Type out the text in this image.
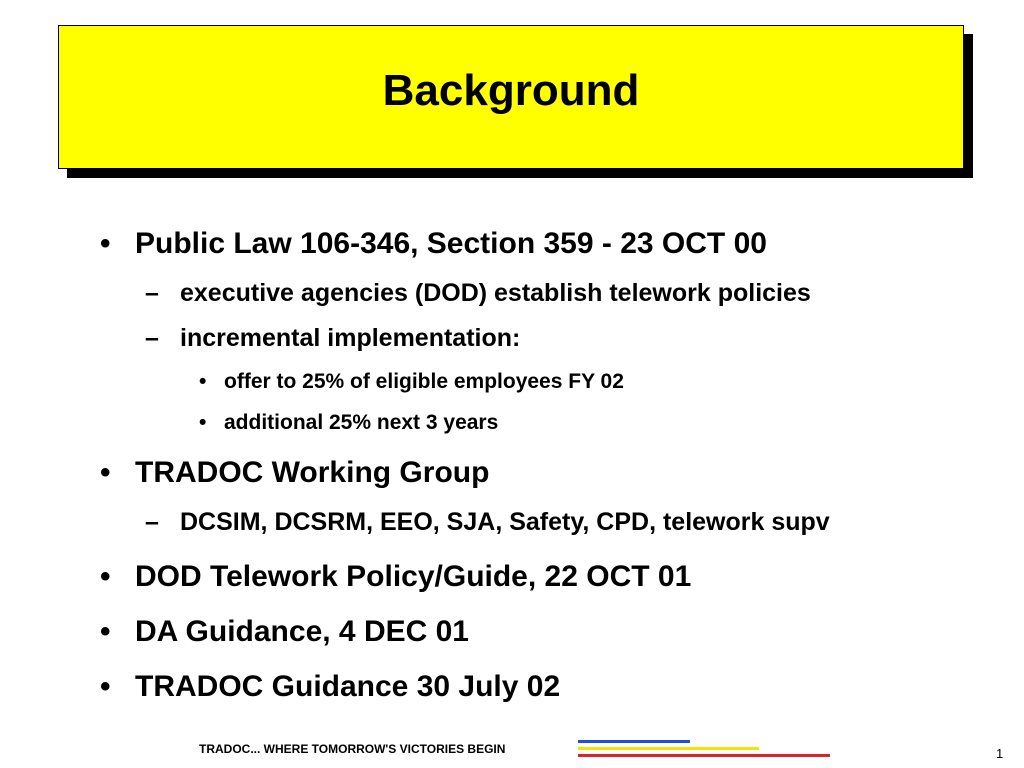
Background
• Public Law 106-346, Section 359 - 23 OCT 00
– executive agencies (DOD) establish telework policies
– incremental implementation:
• offer to 25% of eligible employees FY 02
• additional 25% next 3 years
• TRADOC Working Group
– DCSIM, DCSRM, EEO, SJA, Safety, CPD, telework supv
• DOD Telework Policy/Guide, 22 OCT 01
• DA Guidance, 4 DEC 01
• TRADOC Guidance 30 July 02
TRADOC... WHERE TOMORROW'S VICTORIES BEGIN	1
